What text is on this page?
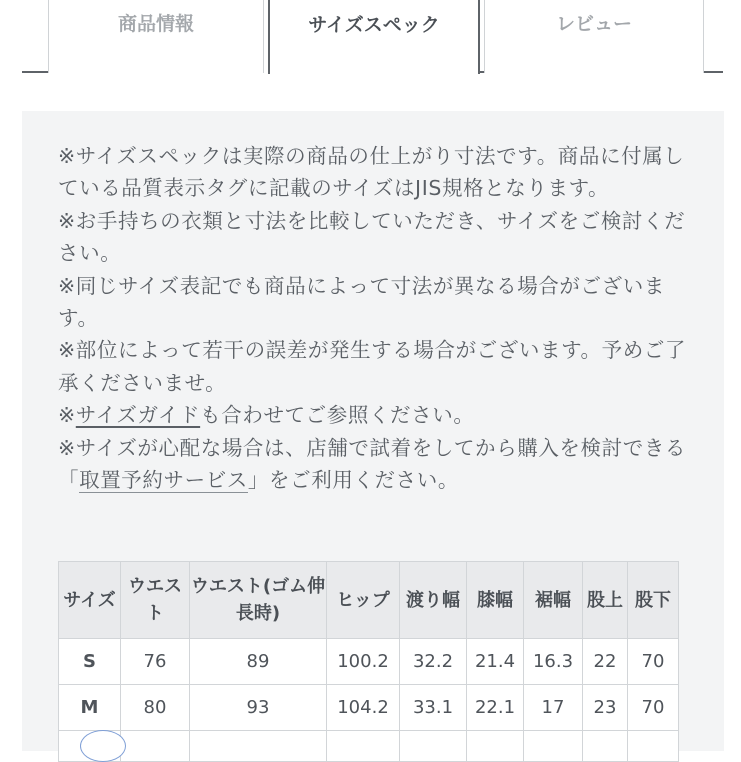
商品情報	サイズスペック	レビュー
※サイズスペックは実際の商品の仕上がり寸法です。商品に付属している品質表示タグに記載のサイズはJIS規格となります。
※お手持ちの衣類と寸法を比較していただき、サイズをご検討ください。
※同じサイズ表記でも商品によって寸法が異なる場合がございます。
※部位によって若干の誤差が発生する場合がございます。予めご了承くださいませ。
※サイズガイドも合わせてご参照ください。
※サイズが心配な場合は、店舗で試着をしてから購入を検討できる「取置予約サービス」をご利用ください。
サイズ	ウエスト	ウエスト(ゴム伸長時)	ヒップ	渡り幅	膝幅	裾幅	股上	股下
S	76	89	100.2	32.2	21.4	16.3	22	70
M	80	93	104.2	33.1	22.1	17	23	70
